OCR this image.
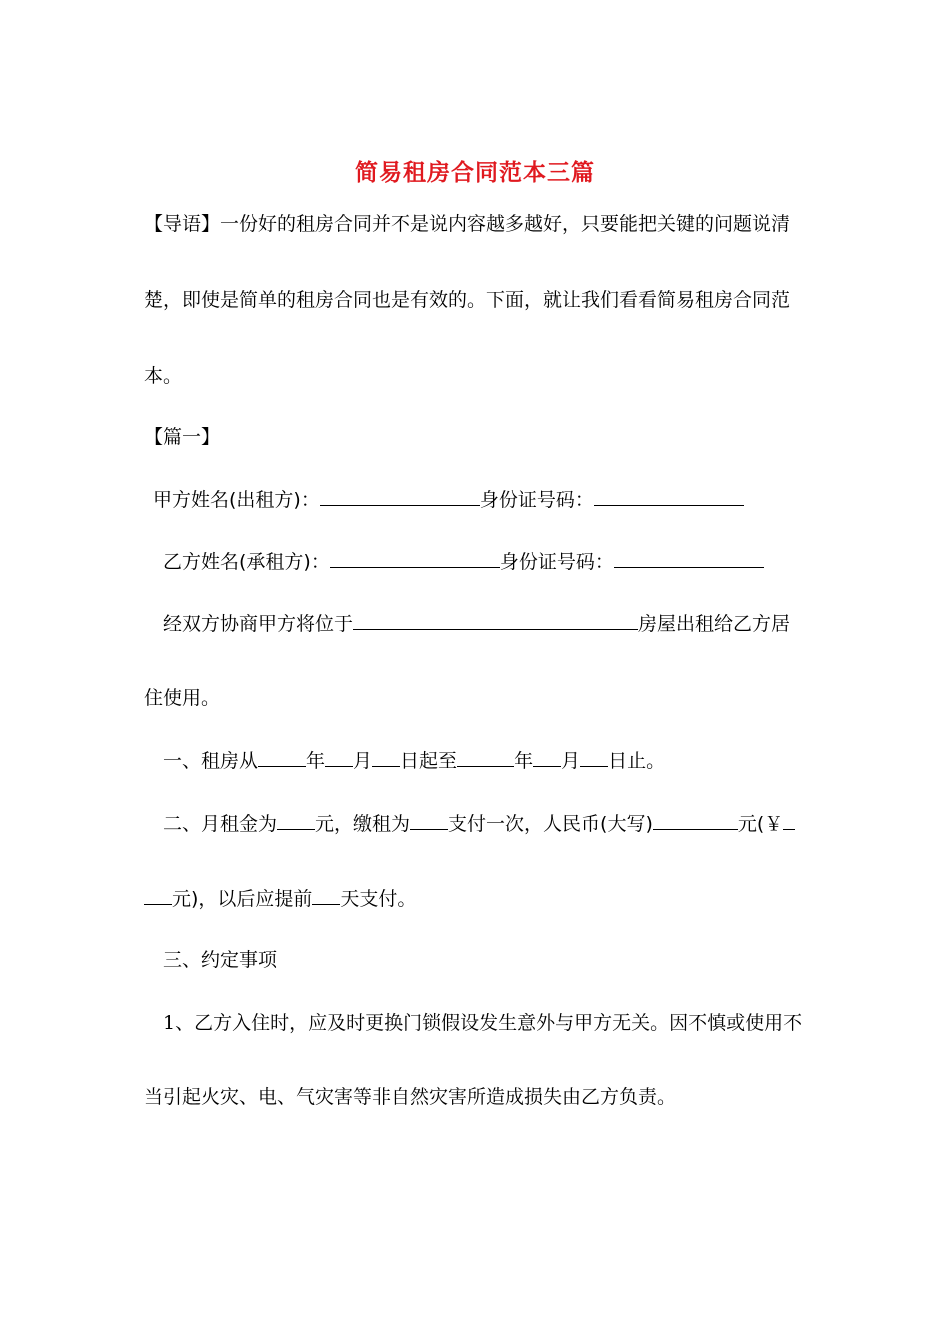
简易租房合同范本三篇
【导语】一份好的租房合同并不是说内容越多越好，只要能把关键的问题说清
楚，即使是简单的租房合同也是有效的。下面，就让我们看看简易租房合同范
本。
【篇一】
甲方姓名(出租方)：	身份证号码：
乙方姓名(承租方)：	身份证号码：
经双方协商甲方将位于	房屋出租给乙方居
住使用。
一、租房从	年 月 日起至	年 月 日止。
二、月租金为 元，缴租为 支付一次，人民币(大写)	元(￥
元)，以后应提前 天支付。
三、约定事项
1、乙方入住时，应及时更换门锁假设发生意外与甲方无关。因不慎或使用不
当引起火灾、电、气灾害等非自然灾害所造成损失由乙方负责。
